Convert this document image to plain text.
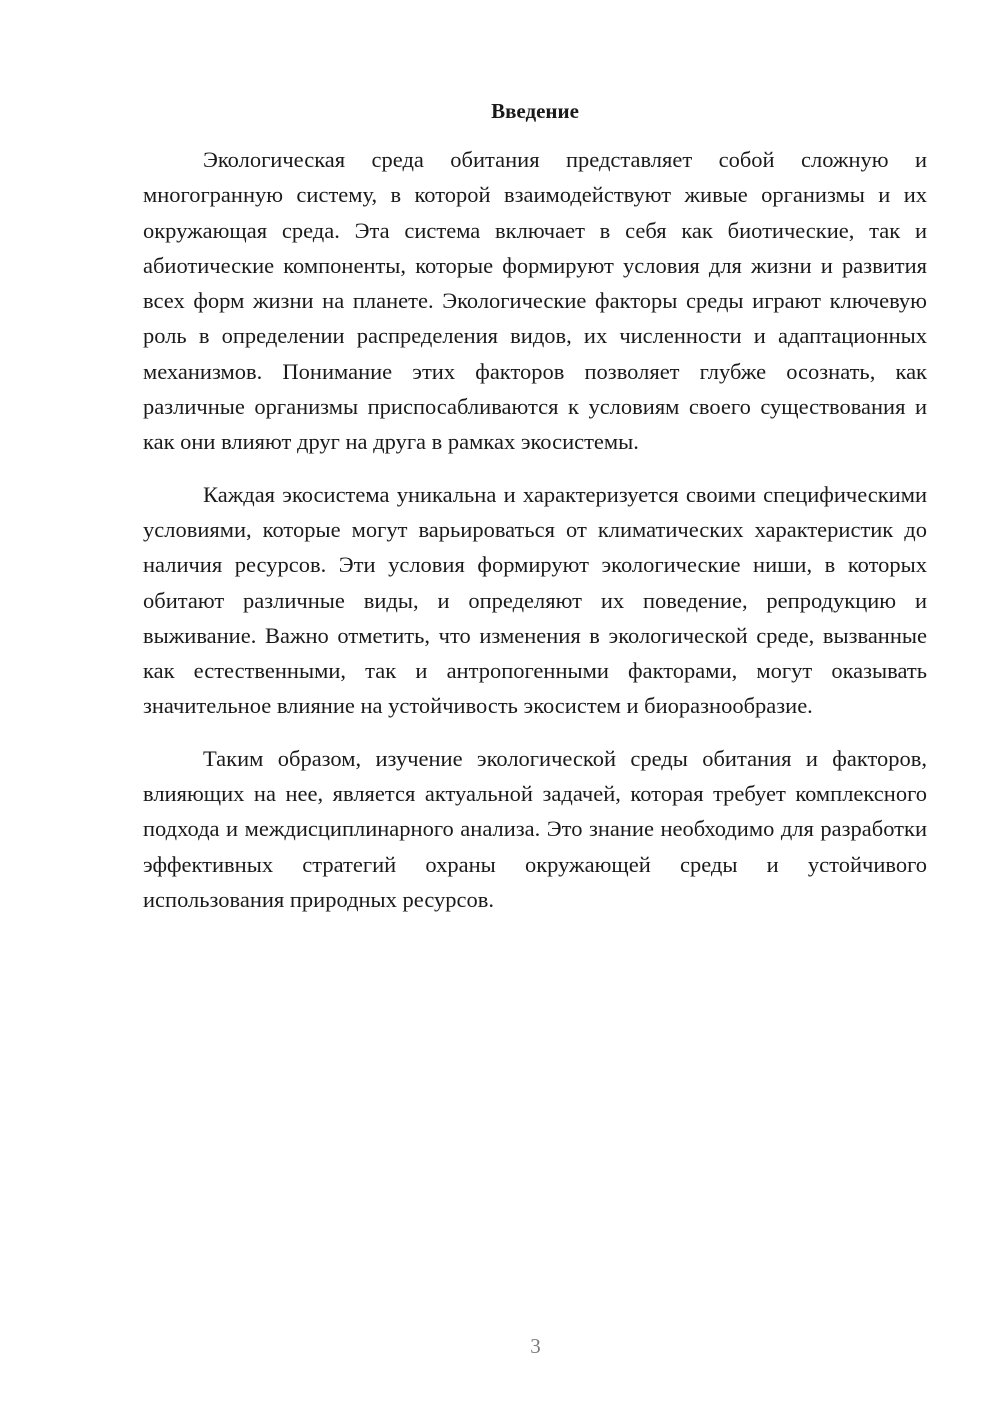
Введение

Экологическая среда обитания представляет собой сложную и многогранную систему, в которой взаимодействуют живые организмы и их окружающая среда. Эта система включает в себя как биотические, так и абиотические компоненты, которые формируют условия для жизни и развития всех форм жизни на планете. Экологические факторы среды играют ключевую роль в определении распределения видов, их численности и адаптационных механизмов. Понимание этих факторов позволяет глубже осознать, как различные организмы приспосабливаются к условиям своего существования и как они влияют друг на друга в рамках экосистемы.

Каждая экосистема уникальна и характеризуется своими специфическими условиями, которые могут варьироваться от климатических характеристик до наличия ресурсов. Эти условия формируют экологические ниши, в которых обитают различные виды, и определяют их поведение, репродукцию и выживание. Важно отметить, что изменения в экологической среде, вызванные как естественными, так и антропогенными факторами, могут оказывать значительное влияние на устойчивость экосистем и биоразнообразие.

Таким образом, изучение экологической среды обитания и факторов, влияющих на нее, является актуальной задачей, которая требует комплексного подхода и междисциплинарного анализа. Это знание необходимо для разработки эффективных стратегий охраны окружающей среды и устойчивого использования природных ресурсов.

3
